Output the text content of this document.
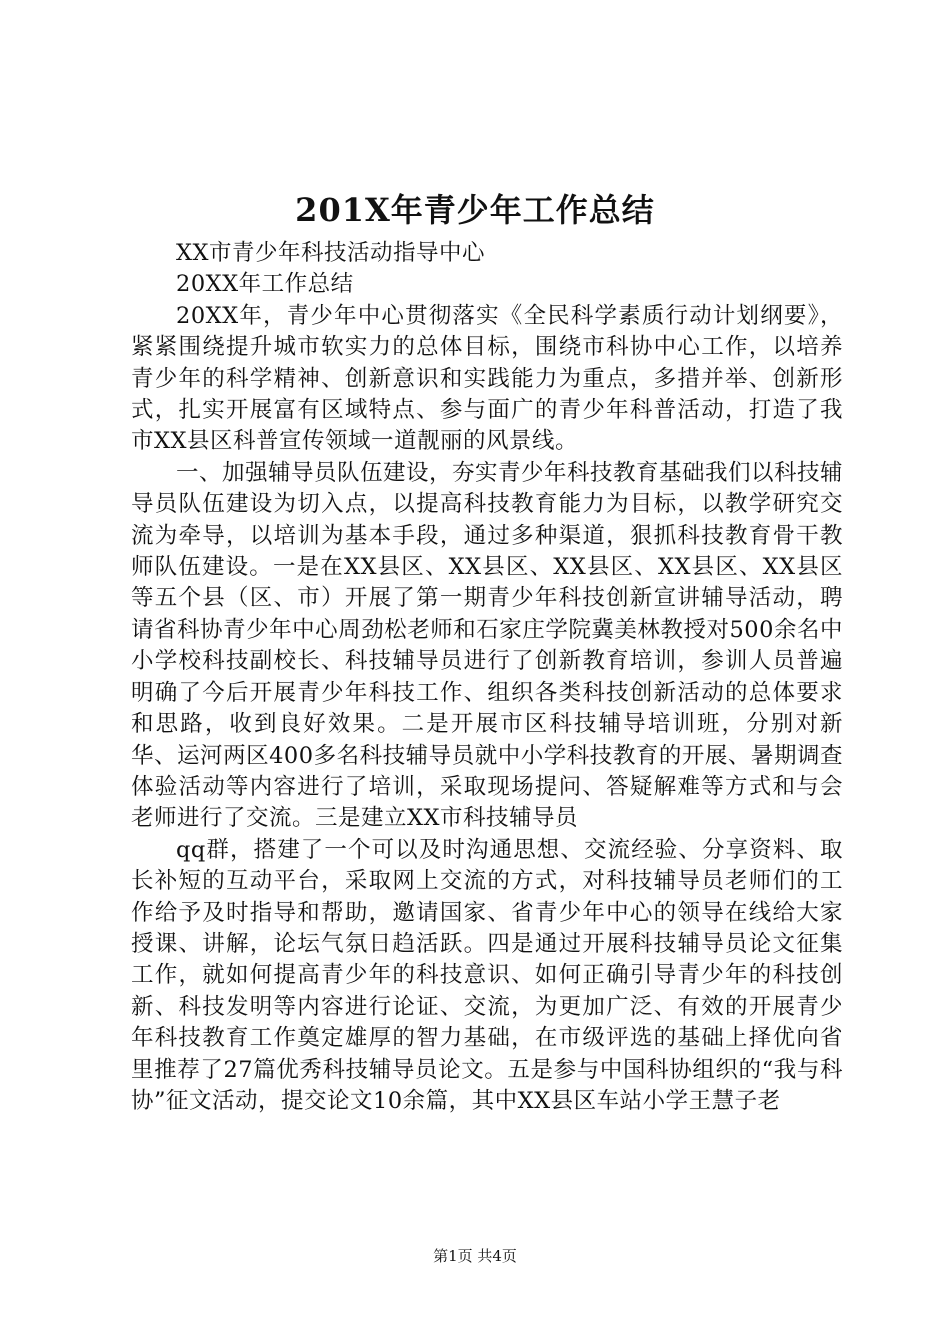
201X年青少年工作总结

XX市青少年科技活动指导中心

20XX年工作总结

20XX年，青少年中心贯彻落实《全民科学素质行动计划纲要》，紧紧围绕提升城市软实力的总体目标，围绕市科协中心工作，以培养青少年的科学精神、创新意识和实践能力为重点，多措并举、创新形式，扎实开展富有区域特点、参与面广的青少年科普活动，打造了我市XX县区科普宣传领域一道靓丽的风景线。

一、加强辅导员队伍建设，夯实青少年科技教育基础我们以科技辅导员队伍建设为切入点，以提高科技教育能力为目标，以教学研究交流为牵导，以培训为基本手段，通过多种渠道，狠抓科技教育骨干教师队伍建设。一是在XX县区、XX县区、XX县区、XX县区、XX县区等五个县（区、市）开展了第一期青少年科技创新宣讲辅导活动，聘请省科协青少年中心周劲松老师和石家庄学院冀美林教授对500余名中小学校科技副校长、科技辅导员进行了创新教育培训，参训人员普遍明确了今后开展青少年科技工作、组织各类科技创新活动的总体要求和思路，收到良好效果。二是开展市区科技辅导培训班，分别对新华、运河两区400多名科技辅导员就中小学科技教育的开展、暑期调查体验活动等内容进行了培训，采取现场提问、答疑解难等方式和与会老师进行了交流。三是建立XX市科技辅导员

qq群，搭建了一个可以及时沟通思想、交流经验、分享资料、取长补短的互动平台，采取网上交流的方式，对科技辅导员老师们的工作给予及时指导和帮助，邀请国家、省青少年中心的领导在线给大家授课、讲解，论坛气氛日趋活跃。四是通过开展科技辅导员论文征集工作，就如何提高青少年的科技意识、如何正确引导青少年的科技创新、科技发明等内容进行论证、交流，为更加广泛、有效的开展青少年科技教育工作奠定雄厚的智力基础，在市级评选的基础上择优向省里推荐了27篇优秀科技辅导员论文。五是参与中国科协组织的“我与科协”征文活动，提交论文10余篇，其中XX县区车站小学王慧子老

第1页 共4页
